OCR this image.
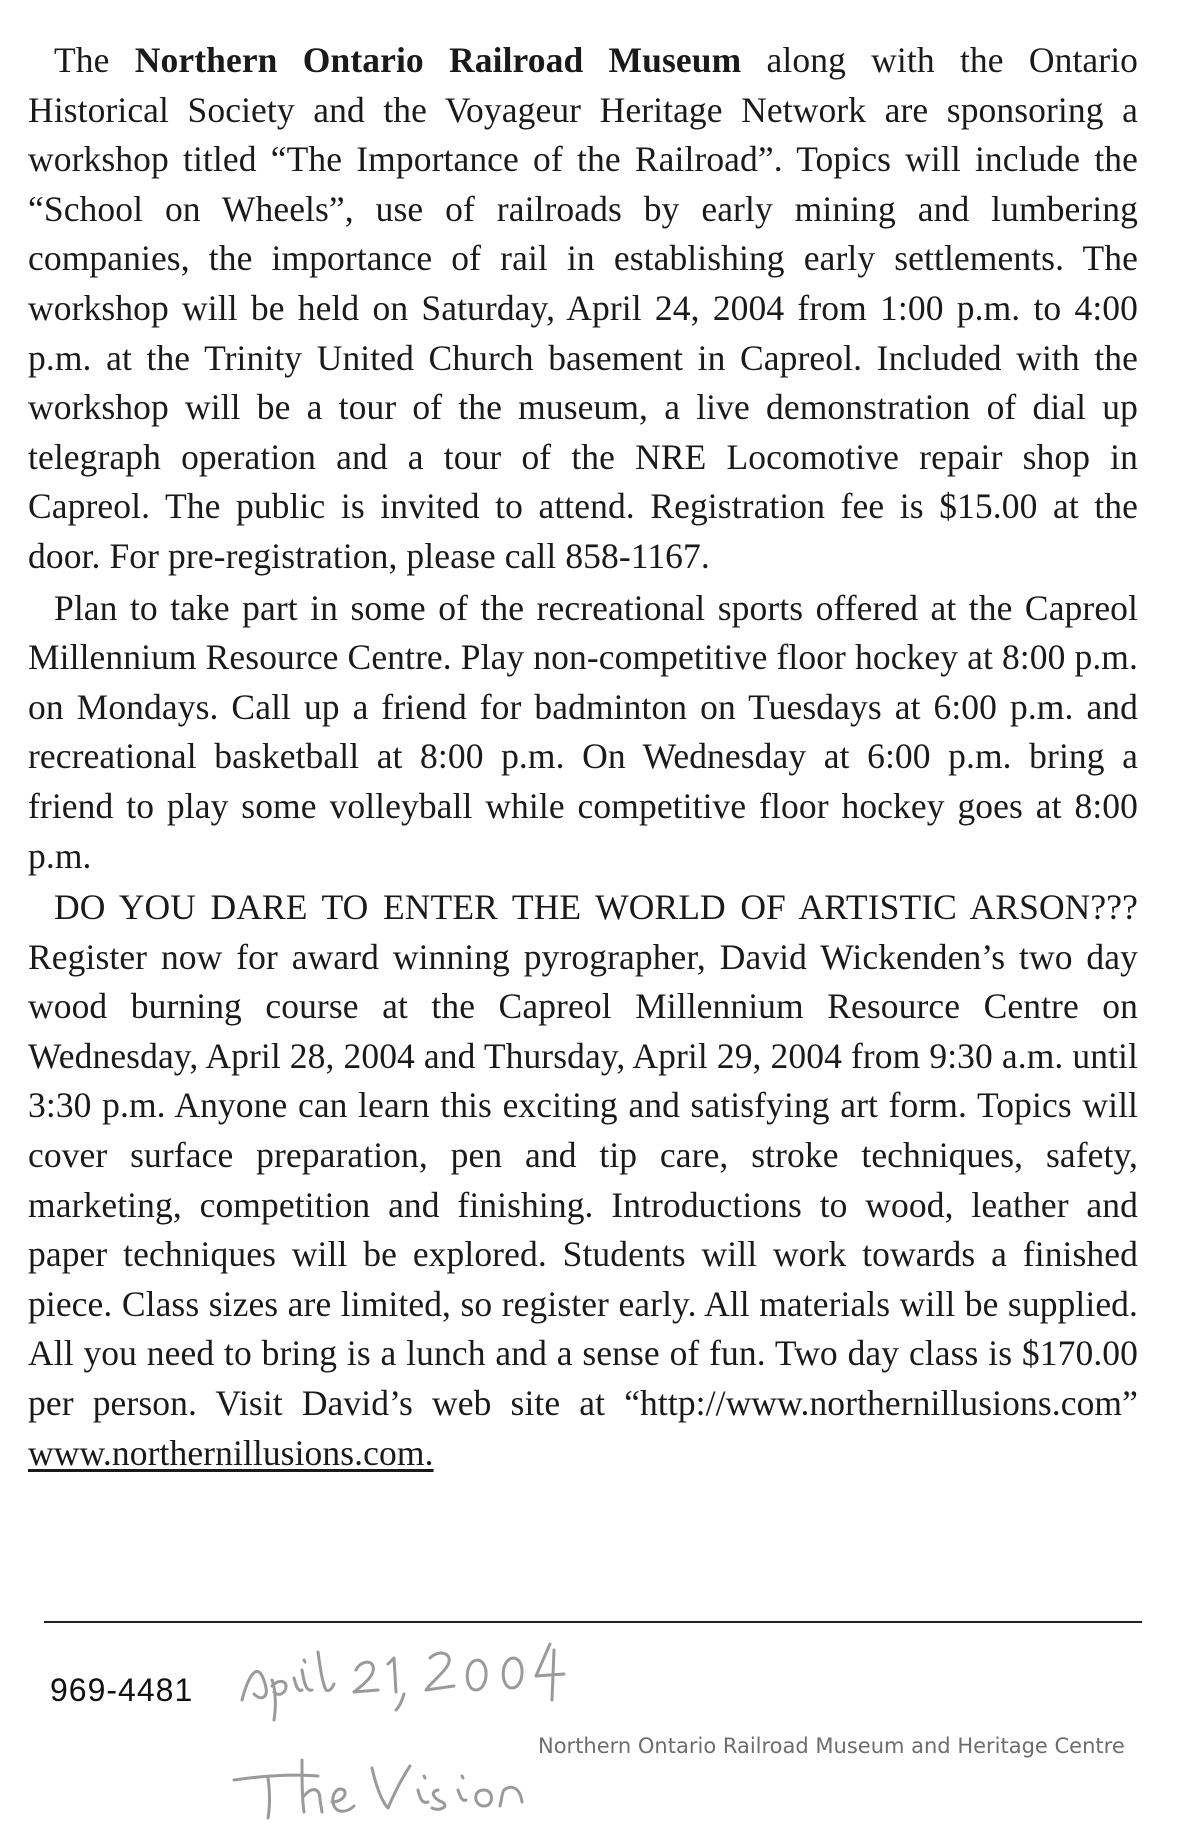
The Northern Ontario Railroad Museum along with the Ontario Historical Society and the Voyageur Heritage Network are sponsoring a workshop titled “The Importance of the Railroad”. Topics will include the “School on Wheels”, use of railroads by early mining and lumbering companies, the importance of rail in establishing early settlements. The workshop will be held on Saturday, April 24, 2004 from 1:00 p.m. to 4:00 p.m. at the Trinity United Church basement in Capreol. Included with the workshop will be a tour of the museum, a live demonstration of dial up telegraph operation and a tour of the NRE Locomotive repair shop in Capreol. The public is invited to attend. Registration fee is $15.00 at the door. For pre-registration, please call 858-1167.

Plan to take part in some of the recreational sports offered at the Capreol Millennium Resource Centre. Play non-competitive floor hockey at 8:00 p.m. on Mondays. Call up a friend for badminton on Tuesdays at 6:00 p.m. and recreational basketball at 8:00 p.m. On Wednesday at 6:00 p.m. bring a friend to play some volleyball while competitive floor hockey goes at 8:00 p.m.

DO YOU DARE TO ENTER THE WORLD OF ARTISTIC ARSON??? Register now for award winning pyrographer, David Wickenden’s two day wood burning course at the Capreol Millennium Resource Centre on Wednesday, April 28, 2004 and Thursday, April 29, 2004 from 9:30 a.m. until 3:30 p.m. Anyone can learn this exciting and satisfying art form. Topics will cover surface preparation, pen and tip care, stroke techniques, safety, marketing, competition and finishing. Introductions to wood, leather and paper techniques will be explored. Students will work towards a finished piece. Class sizes are limited, so register early. All materials will be supplied. All you need to bring is a lunch and a sense of fun. Two day class is $170.00 per person. Visit David’s web site at “http://www.northernillusions.com” www.northernillusions.com.

969-4481
Northern Ontario Railroad Museum and Heritage Centre
